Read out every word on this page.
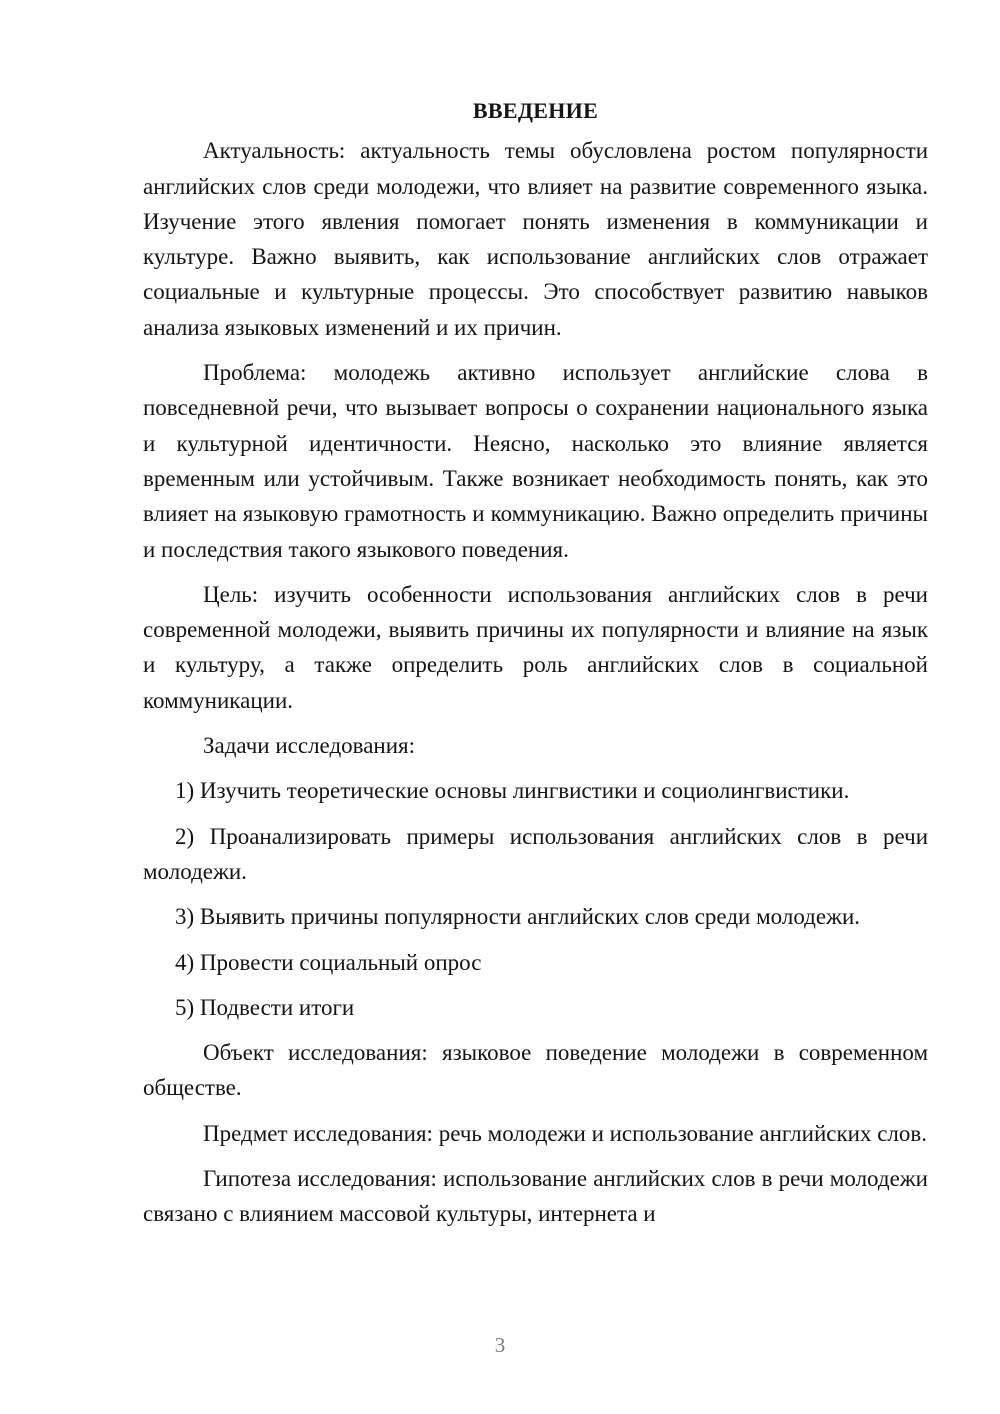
ВВЕДЕНИЕ

Актуальность: актуальность темы обусловлена ростом популярности английских слов среди молодежи, что влияет на развитие современного языка. Изучение этого явления помогает понять изменения в коммуникации и культуре. Важно выявить, как использование английских слов отражает социальные и культурные процессы. Это способствует развитию навыков анализа языковых изменений и их причин.

Проблема: молодежь активно использует английские слова в повседневной речи, что вызывает вопросы о сохранении национального языка и культурной идентичности. Неясно, насколько это влияние является временным или устойчивым. Также возникает необходимость понять, как это влияет на языковую грамотность и коммуникацию. Важно определить причины и последствия такого языкового поведения.

Цель: изучить особенности использования английских слов в речи современной молодежи, выявить причины их популярности и влияние на язык и культуру, а также определить роль английских слов в социальной коммуникации.

Задачи исследования:

1) Изучить теоретические основы лингвистики и социолингвистики.

2) Проанализировать примеры использования английских слов в речи молодежи.

3) Выявить причины популярности английских слов среди молодежи.

4) Провести социальный опрос

5) Подвести итоги

Объект исследования: языковое поведение молодежи в современном обществе.

Предмет исследования: речь молодежи и использование английских слов.

Гипотеза исследования: использование английских слов в речи молодежи связано с влиянием массовой культуры, интернета и

3
